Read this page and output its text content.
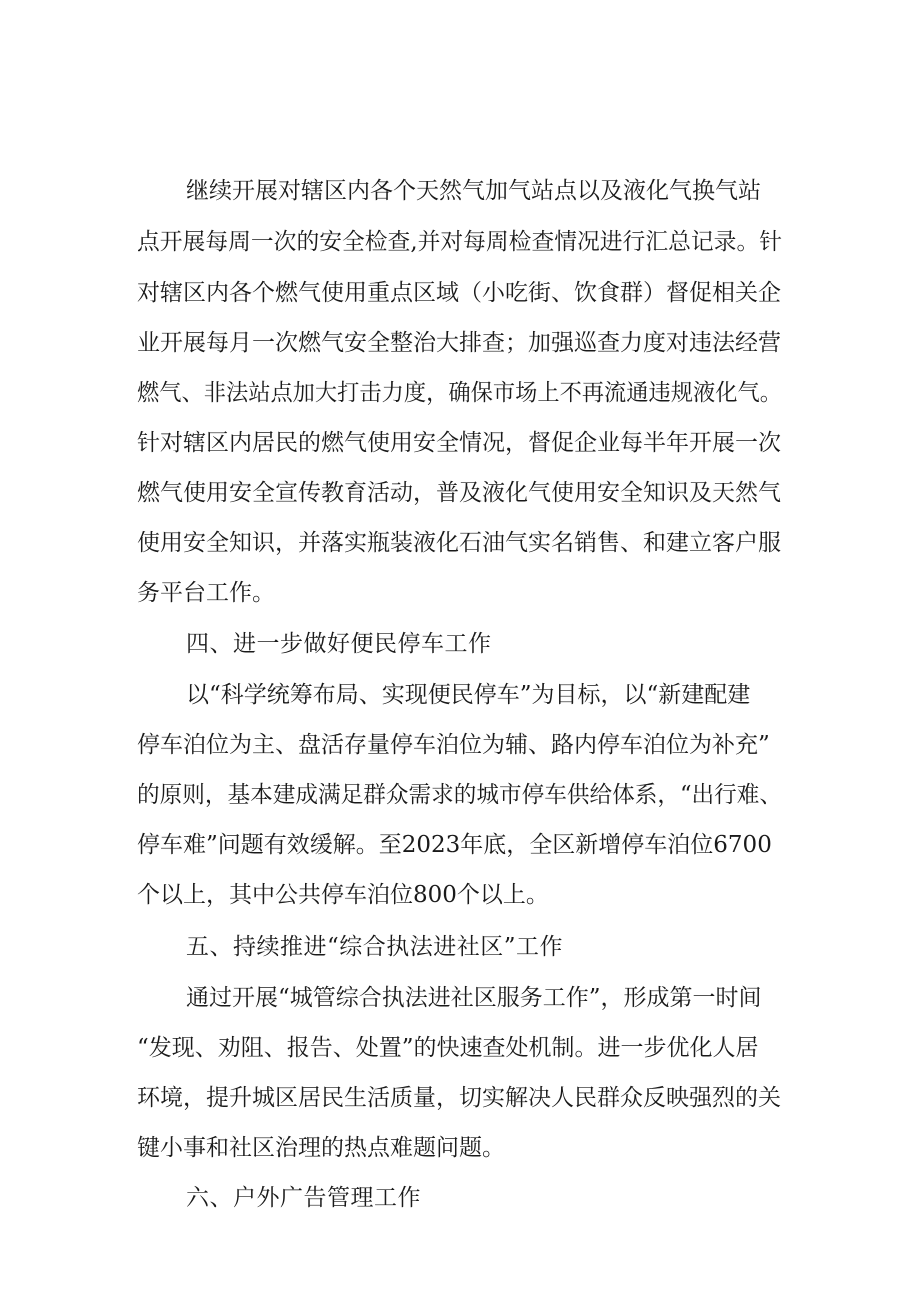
继续开展对辖区内各个天然气加气站点以及液化气换气站
点开展每周一次的安全检查,并对每周检查情况进行汇总记录。针
对辖区内各个燃气使用重点区域（小吃街、饮食群）督促相关企
业开展每月一次燃气安全整治大排查；加强巡查力度对违法经营
燃气、非法站点加大打击力度，确保市场上不再流通违规液化气。
针对辖区内居民的燃气使用安全情况，督促企业每半年开展一次
燃气使用安全宣传教育活动，普及液化气使用安全知识及天然气
使用安全知识，并落实瓶装液化石油气实名销售、和建立客户服
务平台工作。
四、进一步做好便民停车工作
以“科学统筹布局、实现便民停车”为目标，以“新建配建
停车泊位为主、盘活存量停车泊位为辅、路内停车泊位为补充”
的原则，基本建成满足群众需求的城市停车供给体系，“出行难、
停车难”问题有效缓解。至2023年底，全区新增停车泊位6700
个以上，其中公共停车泊位800个以上。
五、持续推进“综合执法进社区”工作
通过开展“城管综合执法进社区服务工作”，形成第一时间
“发现、劝阻、报告、处置”的快速查处机制。进一步优化人居
环境，提升城区居民生活质量，切实解决人民群众反映强烈的关
键小事和社区治理的热点难题问题。
六、户外广告管理工作
